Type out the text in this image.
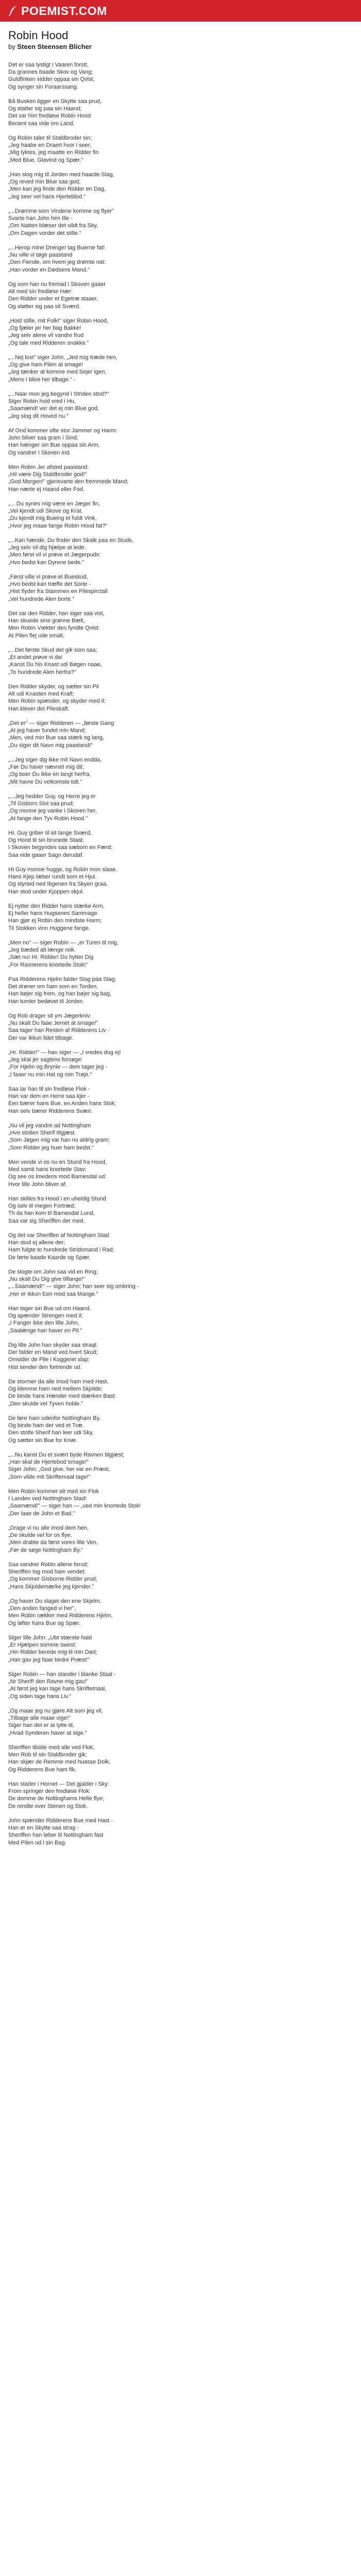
POEMIST.COM
Robin Hood
by Steen Steensen Blicher
Det er saa lystigt i Vaaren forstt,
Da grannes baade Skov og Vang;
Guldfinken sidder oppaa sin Qvist,
Og synger sin Foraarssang.
Bå Busken ligger en Skytte saa prud,
Og statter sig paa sin Haand;
Det var him frediøse Robin Hood
Beramt saa vide om Land.
Og Robin taler til Staldbroder sin;
„Jeg haabe en Draert hvor i seer;
„Mig lyktes, jeg maatte en Ridder fin
„Med Blue, Glavind og Spær."
„Han slog mig til Jorden med haarde Slag,
„Og reved min Blue saa god;
„Men kan jeg finde den Ridder en Dag,
„Jeg seer vel hans Hjerteblod."
„...Drømme som Vindene komme og flyer"
Svarte han John him Ille -
„Om Natten blæser det vildt fra Sky,
„Om Dagen vorder det stille."
„...Herop mine Drenge! tag Buerne fat!
„Nu ville vi tøge paastand
„Den Fiende, om hvem jeg drømte nat:
„Han vorder en Dødsens Mand."
Og som han nu fremad i Skoven gaaer
Alt med sin fredløse Hær:
Den Ridder under et Egetræ staaer,
Og støtter sig paa sit Sværd.
„Hold stille, mit Folk!" siger Robin Hood,
„Og fjæler jer her bag Bakke!
„Jeg selv alene vil vandre frud
„Og tale med Ridderen snakke."
„...Nej lost" siger John, „Jed mig træde hen,
„Og give ham Pilen at smage!
„Jeg tænker at komme med Sejer igen,
„Mens I blive her tilbage." -
„...Naar mon jeg begynd i Striden stod?"
Siger Robin hvid vred i Hu,
„Saamænd! ver det ej min Blue god,
„Jeg slog dit Hoved nu."
Af Ond kommer ofte stor Jammer og Harm:
John bliver saa gram i Sind;
Han hænger sin Bue oppaa sin Arm,
Og vandrer i Skoven ind.
Men Robin Jer afsted paastand:
„Hil være Dig Staldbroder god!"
„God Morgen!" gjensvarte den fremmede Mand;
Han nærte ej Haand eller Fod.
„... Du synes mig være en Jæger fin,
„Vel kjendt udi Skove og Krat.
„Du kjendt mig Bueing et fuldt Vink,
„Hvor jeg maae fange Robin Hood fat?"
„...Kan hænde, Du finder den Skalk paa en Studs,
„Jeg selv vil dig hjælpe at lede.
„Men først vil vi prøve et Jægerpuds:
„Hvo bedst kan Dyrene bede."
„Først ville vi prøve et Bueskud,
„Hvo bedst kan træffe det Sorte -
„Hist flyder fra Stammen en Pilespirctall
„Vel hundrede Alen borte."
Det var den Ridder, han siger saa vist,
Han skuede sine grønne Bælt,
Men Robin Vækter den fyndte Qvist;
At Pilen flej ude smalt.
„...Det første Skud det gik som saa;
„Et andet prøve vi da!
„Kanst Du hin Knast udi Bøgen naae,
„To hundrede Alen herfra?"
Den Ridder skyder, og sætter sin Pil
Alt udi Knasten med Kraft;
Men Robin spænder, og skyder med Il:
Han klever det Pileskaft.
„Det er" — siger Ridderen — „første Gang
„At jeg haver fundet min Mand;
„Men, ved min Bue saa stærk og lang,
„Du siger dit Navn mig paastand!"
„...Jeg siger dig ikke mit Navn endda,
„Før Du haver nævnet mig dit;
„Og boer Du ikke en langt herfra,
„Mit havre Du velkomste tidt."
„...Jeg hedder Guy, og Herre jeg er
„Til Gisborn Slot saa prud;
„Og monne jeg vanke i Skoven her,
„At fange den Tyv Robin Hood."
Hr. Guy griber til sit lange Sværd,
Og Hood til sin brunede Staal;
I Skoven begyndes saa sæbom en Færd;
Saa vide gaaer Sagn derudaf.
Ht Guy monne hugge, og Robin mon slaae,
Hans Kjep læber rundt som et Hjul.
Og styrted ned Ibgenen fra Skyen graa,
Han stod under Kjoppen skjul.
Ej nytter den Ridder hans stærke Arm,
Ej heller hans Hugsenes Sammage.
Han gjør ej Robin den mindste Harm;
Til Stokken vinn Huggene fange.
„Men nu" — siger Robin — „er Turen til mig,
„Jeg bæded alt længe nok.
„Sæt nu! Hr. Ridder! Du hytter Dig
„For Ravnerens knortede Stok!"
Paa Ridderens Hjelm falder Slag paa Slag;
Det drøner om ham som en Torden,
Han bøjer sig frem, og han bøjer sig bag,
Han tumler bedøvet til Jorden.
Og Rob drager sit ym Jægerkniv:
„Nu skalt Du faae Jernet at smage!"
Saa tager han Resten af Ridderens Liv -
Der var ikkun lidet tilbage.
„Hr. Ridder!" — han siger — „I vredes dog ej!
„Jeg skal jer sagtens forsøge:
„For Hjelm og Brynie — dem tager jeg -
„I faaer nu min Hat og min Trøje."
Saa Iar han til sin fredløse Flok -
Han var dem en Herre saa kjer -
Een bærer hans Bue, en Anden hans Stok;
Han selv bærer Ridderens Sværi.
„Nu vil jeg vandre ad Nottingham
„Hvo stolten Sherif tilgjæst.
„Som Jøgen mig var han nu aldrig gram;
„Som Ridder jeg huer ham bedst."
Men vende vi os nu en Stund fra Hood,
Med samit hans knortede Stav;
Og see os imedens mod Barnesdal ud:
Hvor lille John bliver af.
Han skilles fra Hood i en uheldig Stund
Og selv til megen Fortræd;
Th da han kom til Barnesdal Lund,
Saa var sig Sheriffen der med.
Og det var Sheriffen af Nottingham Stad
Han stod ej allene der;
Ham fulgte to hundrede Stridsmand i Rad;
De førte baade Kaarde og Spær.
De slogte om John saa vid en Ring;
„Nu skalt Du Dig give tilfange!"
„...Saamænd!" — siger John; han seer sig omkring -
„Her er ikkun Een mod saa Mange."
Han tager sin Bue ud om Haand,
Og spænder Strengen med Il;
„I Fanger ikke den lille John,
„Saalænge han haver en Pil."
Dig lille John han skyder saa straqt:
Der falder en Mand ved hvert Skud;
Omsider de Pile i Koggeret slap:
Hist sender den fortrende ud.
De stormer da alle imod ham med Hast,
Og klemme ham ned mellem Skjolde;
De binde hans Hænder med stærken Bast:
„Den skulde vel Tyven holde."
De føre ham udenfor Nottingham By,
Og binde ham der ved et Træ.
Den stolte Sherif han leer udi Sky,
Og sætter sin Bue for Knæ.
„...Nu kanst Du et svært byde Ravnen tilgjæst;
„Han skal de Hjertebod smage!"
Siger John; „God give, her var en Præst,
„Som vilde mit Skriftemaal tage!"
Men Robin kommer alt med sin Flok
I Landen ved Nottingham Stad!
„Saamænd!" — siger han — „ved min knortede Stok!
„Der laae de John et Bad."
„Drage vi nu alle imod dem hen,
„De skulde vel for os flye,
„Men drabte da først vores lille Ven,
„Før de søge Nottingham By."
Saa vandrer Robin allene forud;
Sheriffen tog mod ham vendet:
„Og kommer Gisborne Ridder prud;
„Hans Skjoldemærke jeg kjender."
„Og haver Du slaget den ene Skjelm,
„Den anden fanged vi her",
Men Robin rækker med Ridderens Hjelm,
Og løfter hans Bue og Spær.
Siger lille John: „Ubt stærste hald
„Er Hjælpen somme swest:
„Hin Ridder berede mig til min Død;
„Han gav jeg faae bedre Præst!"
Siger Robin — han stander i blanke Staal -
„Nr Sherif! den Ravne mig gav!"
„At først jeg kan tage hans Skriftemaal,
„Og siden tage hans Liv."
„Og maae jeg nu gjøre Alt som jeg vil,
„Tilbage alle maae vige!"
Siger han det er at lytte til,
„Hvad Synderen haver at sige."
Sheriffen tilside med alle ved Flok,
Men Rob til sin Staldbroder gik;
Han skjær de Remme med huasse Dolk,
Og Ridderens Bue ham fik.
Han stader i Hornet — Det gjalder i Sky:
From springer den fredløse Flok:
De domme de Nottinghams Helte flye;
De rendte over Stenen og Stok.
John spænder Ridderens Bue med Hast -
Han er en Skytte saa strag -
Sheriffen han løber til Nottingham fast
Med Pilen ud i sin Bag.
